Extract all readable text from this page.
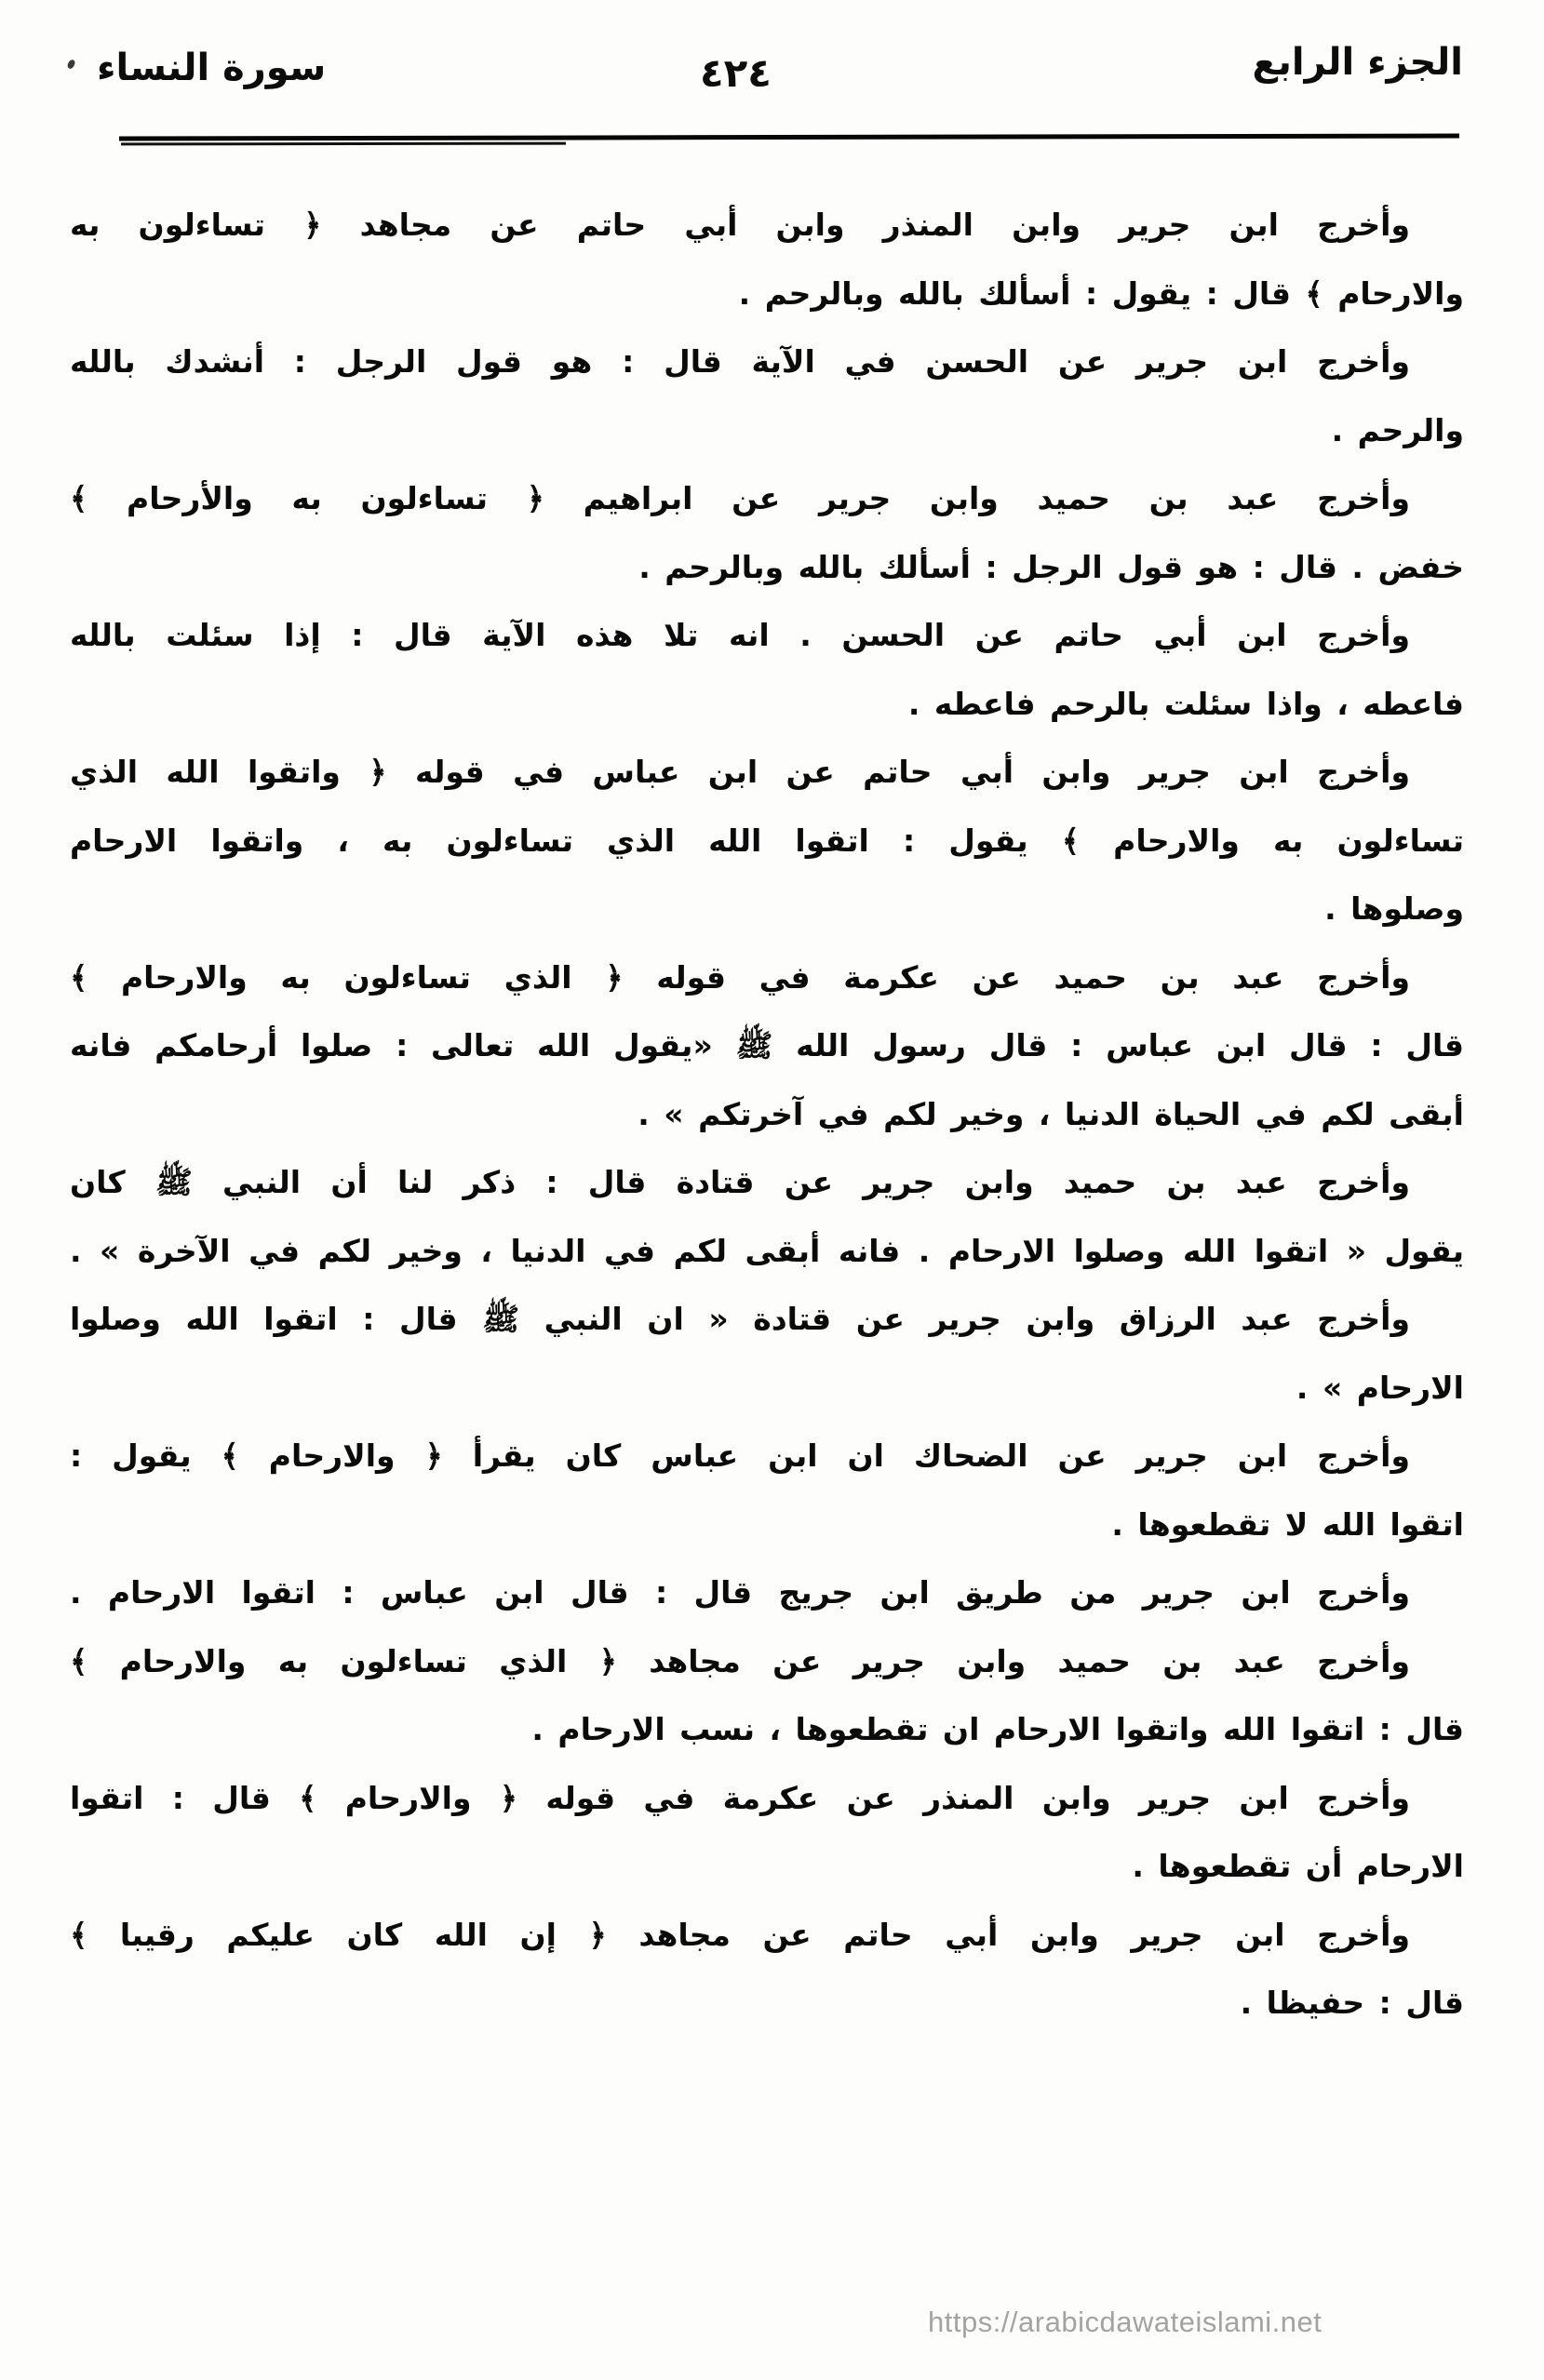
الجزء الرابع
٤٢٤
سورة النساء
وأخرج ابن جرير وابن المنذر وابن أبي حاتم عن مجاهد ﴿ تساءلون به
والارحام ﴾ قال : يقول : أسألك بالله وبالرحم .
وأخرج ابن جرير عن الحسن في الآية قال : هو قول الرجل : أنشدك بالله
والرحم .
وأخرج عبد بن حميد وابن جرير عن ابراهيم ﴿ تساءلون به والأرحام ﴾
خفض . قال : هو قول الرجل : أسألك بالله وبالرحم .
وأخرج ابن أبي حاتم عن الحسن . انه تلا هذه الآية قال : إذا سئلت بالله
فاعطه ، واذا سئلت بالرحم فاعطه .
وأخرج ابن جرير وابن أبي حاتم عن ابن عباس في قوله ﴿ واتقوا الله الذي
تساءلون به والارحام ﴾ يقول : اتقوا الله الذي تساءلون به ، واتقوا الارحام
وصلوها .
وأخرج عبد بن حميد عن عكرمة في قوله ﴿ الذي تساءلون به والارحام ﴾
قال : قال ابن عباس : قال رسول الله ﷺ «يقول الله تعالى : صلوا أرحامكم فانه
أبقى لكم في الحياة الدنيا ، وخير لكم في آخرتكم » .
وأخرج عبد بن حميد وابن جرير عن قتادة قال : ذكر لنا أن النبي ﷺ كان
يقول « اتقوا الله وصلوا الارحام . فانه أبقى لكم في الدنيا ، وخير لكم في الآخرة » .
وأخرج عبد الرزاق وابن جرير عن قتادة « ان النبي ﷺ قال : اتقوا الله وصلوا
الارحام » .
وأخرج ابن جرير عن الضحاك ان ابن عباس كان يقرأ ﴿ والارحام ﴾ يقول :
اتقوا الله لا تقطعوها .
وأخرج ابن جرير من طريق ابن جريج قال : قال ابن عباس : اتقوا الارحام .
وأخرج عبد بن حميد وابن جرير عن مجاهد ﴿ الذي تساءلون به والارحام ﴾
قال : اتقوا الله واتقوا الارحام ان تقطعوها ، نسب الارحام .
وأخرج ابن جرير وابن المنذر عن عكرمة في قوله ﴿ والارحام ﴾ قال : اتقوا
الارحام أن تقطعوها .
وأخرج ابن جرير وابن أبي حاتم عن مجاهد ﴿ إن الله كان عليكم رقيبا ﴾
قال : حفيظا .
https://arabicdawateislami.net
